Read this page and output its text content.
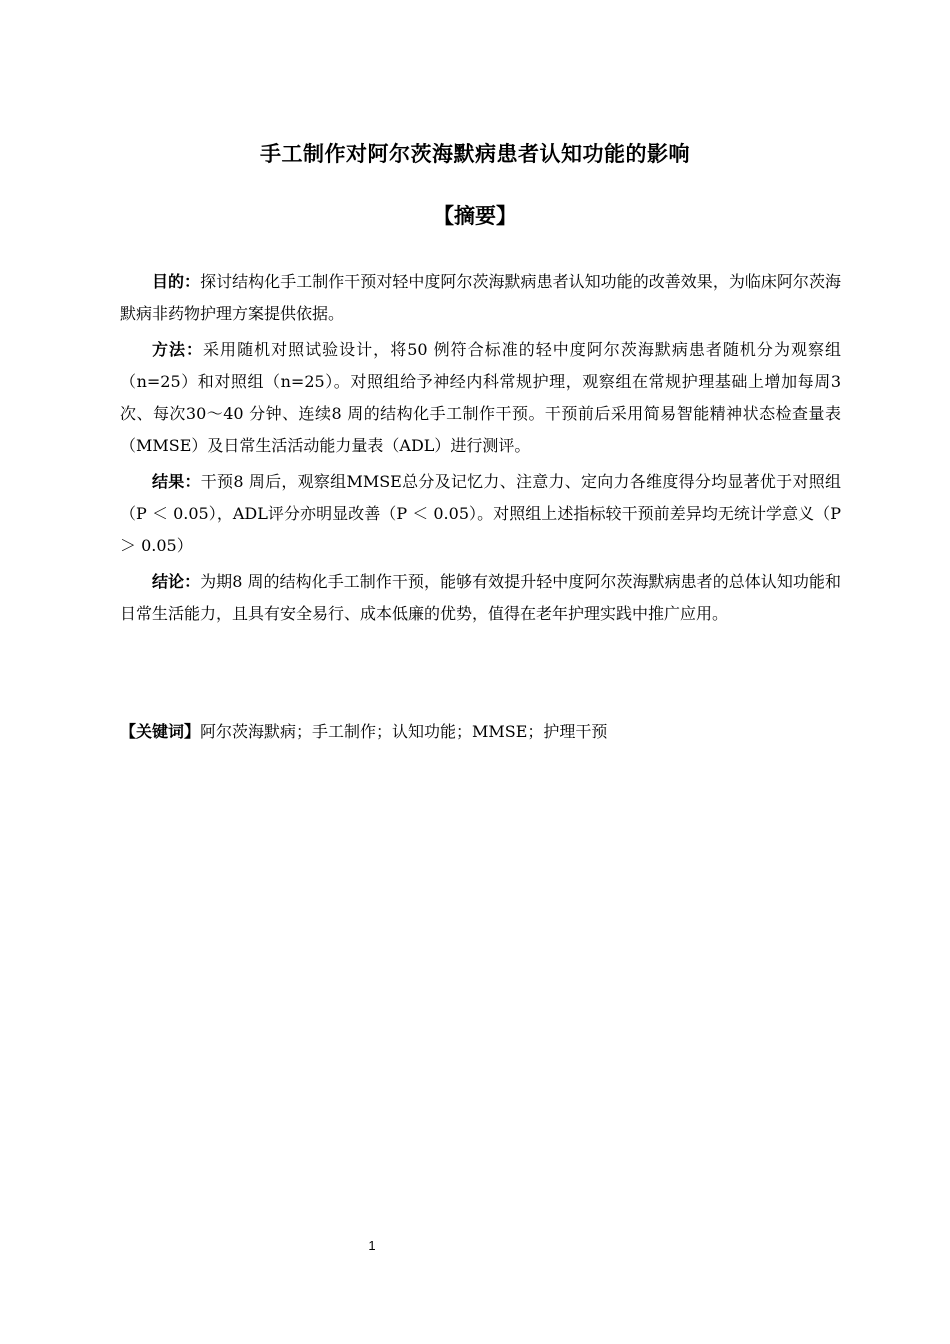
手工制作对阿尔茨海默病患者认知功能的影响
【摘要】

目的：探讨结构化手工制作干预对轻中度阿尔茨海默病患者认知功能的改善效果，为临床阿尔茨海默病非药物护理方案提供依据。

方法：采用随机对照试验设计，将50 例符合标准的轻中度阿尔茨海默病患者随机分为观察组（n=25）和对照组（n=25）。对照组给予神经内科常规护理，观察组在常规护理基础上增加每周3 次、每次30～40 分钟、连续8 周的结构化手工制作干预。干预前后采用简易智能精神状态检查量表（MMSE）及日常生活活动能力量表（ADL）进行测评。

结果：干预8 周后，观察组MMSE总分及记忆力、注意力、定向力各维度得分均显著优于对照组（P ＜ 0.05），ADL评分亦明显改善（P ＜ 0.05）。对照组上述指标较干预前差异均无统计学意义（P ＞ 0.05）

结论：为期8 周的结构化手工制作干预，能够有效提升轻中度阿尔茨海默病患者的总体认知功能和日常生活能力，且具有安全易行、成本低廉的优势，值得在老年护理实践中推广应用。

【关键词】阿尔茨海默病；手工制作；认知功能；MMSE；护理干预

1
